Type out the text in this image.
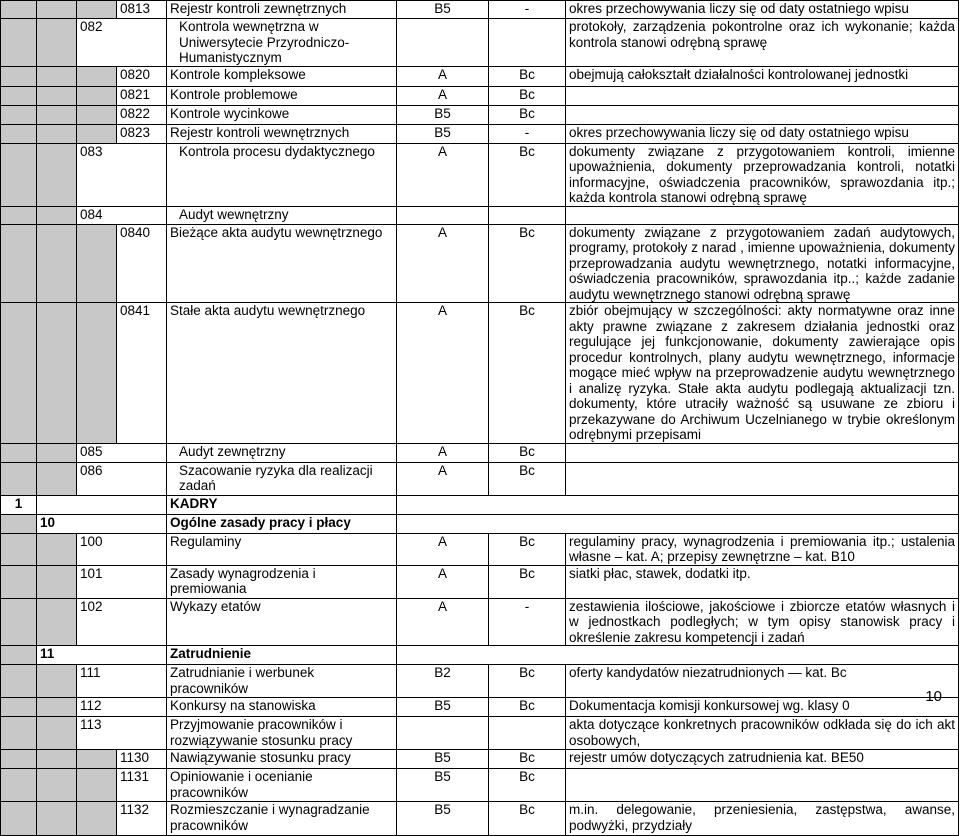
			0813	Rejestr kontroli zewnętrznych	B5	-	okres przechowywania liczy się od daty ostatniego wpisu
		082		Kontrola wewnętrzna w Uniwersytecie Przyrodniczo-Humanistycznym			protokoły, zarządzenia pokontrolne oraz ich wykonanie; każda kontrola stanowi odrębną sprawę
			0820	Kontrole kompleksowe	A	Bc	obejmują całokształt działalności kontrolowanej jednostki
			0821	Kontrole problemowe	A	Bc	
			0822	Kontrole wycinkowe	B5	Bc	
			0823	Rejestr kontroli wewnętrznych	B5	-	okres przechowywania liczy się od daty ostatniego wpisu
		083		Kontrola procesu dydaktycznego	A	Bc	dokumenty związane z przygotowaniem kontroli, imienne upoważnienia, dokumenty przeprowadzania kontroli, notatki informacyjne, oświadczenia pracowników, sprawozdania itp.; każda kontrola stanowi odrębną sprawę
		084		Audyt wewnętrzny			
			0840	Bieżące akta audytu wewnętrznego	A	Bc	dokumenty związane z przygotowaniem zadań audytowych, programy, protokoły z narad , imienne upoważnienia, dokumenty przeprowadzania audytu wewnętrznego, notatki informacyjne, oświadczenia pracowników, sprawozdania itp..; każde zadanie audytu wewnętrznego stanowi odrębną sprawę
			0841	Stałe akta audytu wewnętrznego	A	Bc	zbiór obejmujący w szczególności: akty normatywne oraz inne akty prawne związane z zakresem działania jednostki oraz regulujące jej funkcjonowanie, dokumenty zawierające opis procedur kontrolnych, plany audytu wewnętrznego, informacje mogące mieć wpływ na przeprowadzenie audytu wewnętrznego i analizę ryzyka. Stałe akta audytu podlegają aktualizacji tzn. dokumenty, które utraciły ważność są usuwane ze zbioru i przekazywane do Archiwum Uczelnianego w trybie określonym odrębnymi przepisami
		085		Audyt zewnętrzny	A	Bc	
		086		Szacowanie ryzyka dla realizacji zadań	A	Bc	
1				KADRY			
	10			Ogólne zasady pracy i płacy			
		100		Regulaminy	A	Bc	regulaminy pracy, wynagrodzenia i premiowania itp.; ustalenia własne – kat. A; przepisy zewnętrzne – kat. B10
		101		Zasady wynagrodzenia i premiowania	A	Bc	siatki płac, stawek, dodatki itp.
		102		Wykazy etatów	A	-	zestawienia ilościowe, jakościowe i zbiorcze etatów własnych i w jednostkach podległych; w tym opisy stanowisk pracy i określenie zakresu kompetencji i zadań
	11			Zatrudnienie			
		111		Zatrudnianie i werbunek pracowników	B2	Bc	oferty kandydatów niezatrudnionych — kat. Bc
		112		Konkursy na stanowiska	B5	Bc	Dokumentacja komisji konkursowej wg. klasy 0
		113		Przyjmowanie pracowników i rozwiązywanie stosunku pracy			akta dotyczące konkretnych pracowników odkłada się do ich akt osobowych,
			1130	Nawiązywanie stosunku pracy	B5	Bc	rejestr umów dotyczących zatrudnienia kat. BE50
			1131	Opiniowanie i ocenianie pracowników	B5	Bc	
			1132	Rozmieszczanie i wynagradzanie pracowników	B5	Bc	m.in. delegowanie, przeniesienia, zastępstwa, awanse, podwyżki, przydziały
10
